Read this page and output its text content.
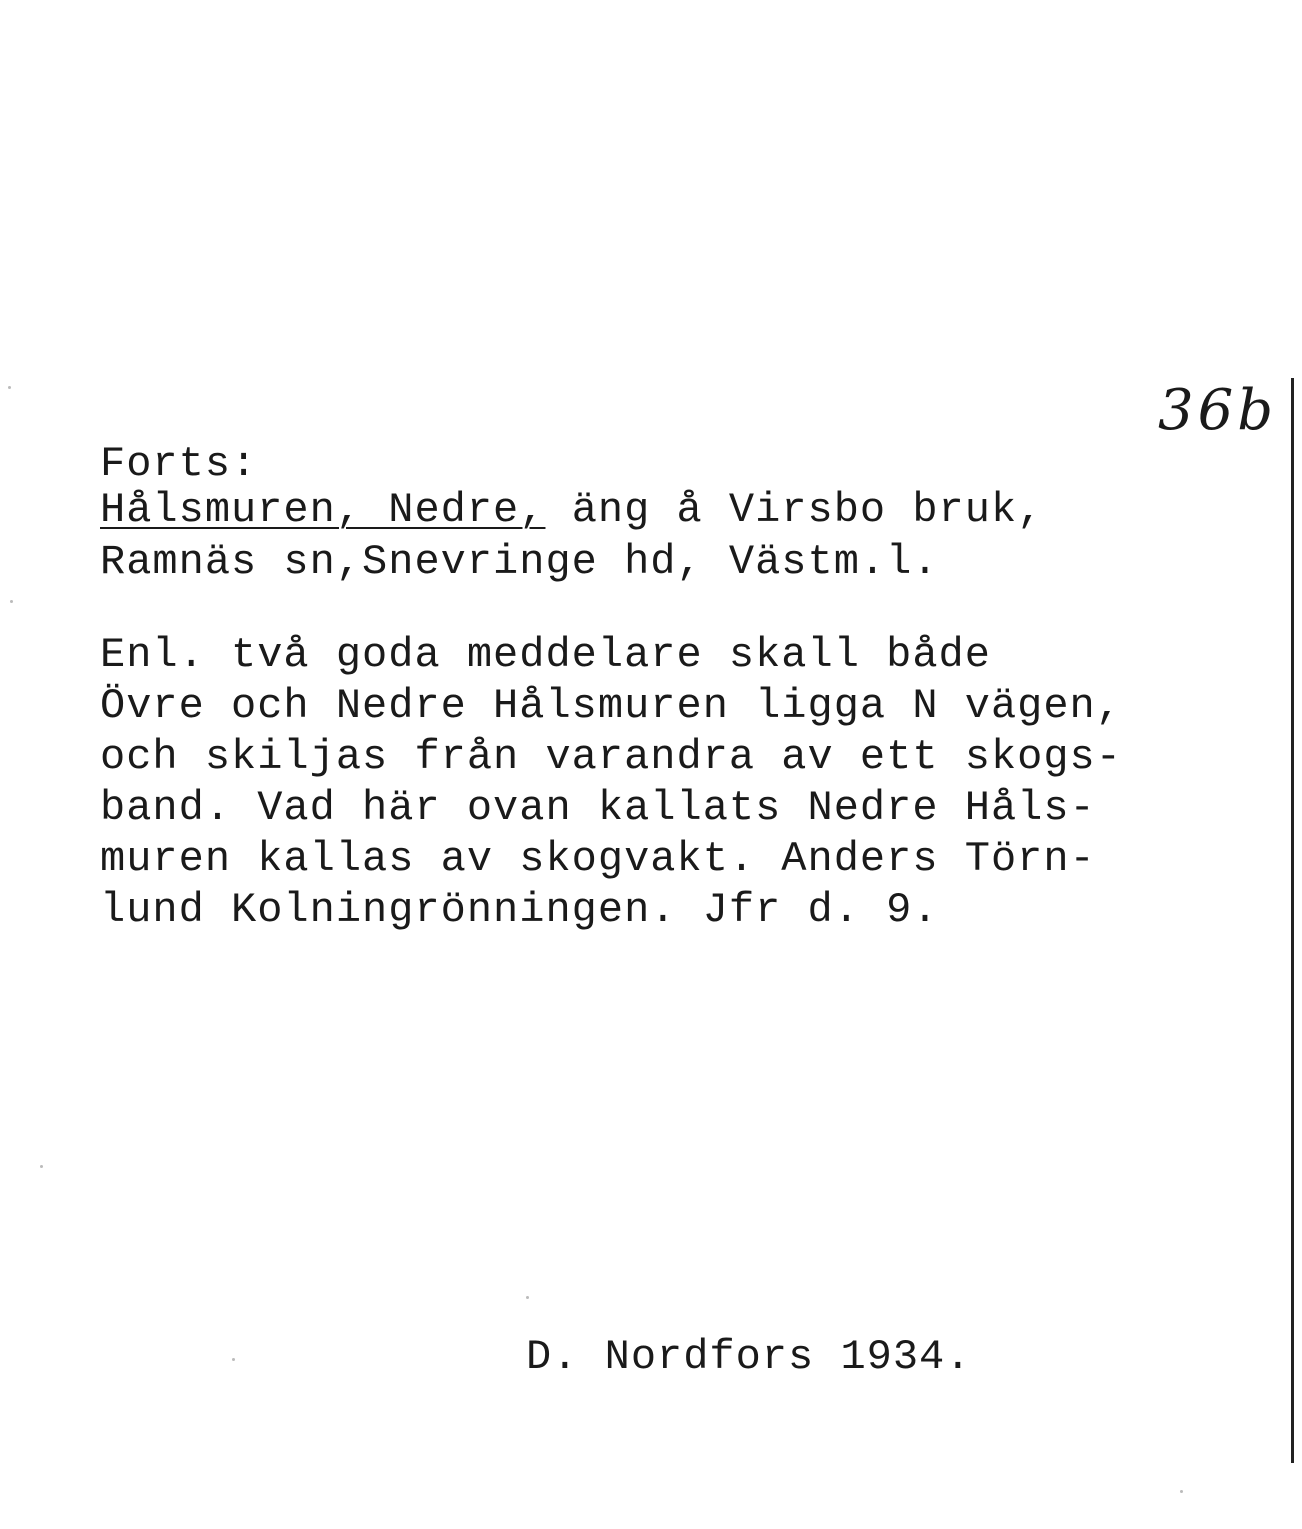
36b
Forts:
Hålsmuren, Nedre, äng å Virsbo bruk,
Ramnäs sn,Snevringe hd, Västm.l.
Enl. två goda meddelare skall både
Övre och Nedre Hålsmuren ligga N vägen,
och skiljas från varandra av ett skogs-
band. Vad här ovan kallats Nedre Håls-
muren kallas av skogvakt. Anders Törn-
lund Kolningrönningen. Jfr d. 9.
D. Nordfors 1934.
